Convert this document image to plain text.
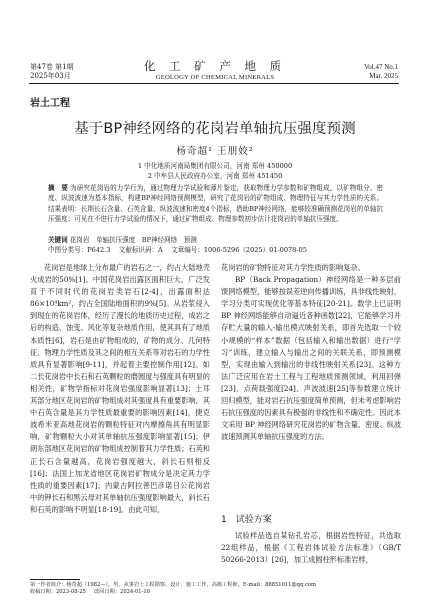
第47卷 第1期
2025年03月
化 工 矿 产 地 质
GEOLOGY OF CHEMICAL MINERALS
Vol.47 No.1
Mar. 2025
岩土工程
基于BP神经网络的花岗岩单轴抗压强度预测
杨奇超¹ 王朋姣²
1 中化地质河南局集团有限公司，河南 郑州 450000
2 中牟县人民政府办公室，河南 郑州 451450
摘　要 为研究花岗岩的力学行为，通过物理力学试验和薄片鉴定，获取物理力学参数和矿物组成，以矿物组分、密度、纵波波速为基本指标，构建BP神经网络预测模型，研究了花岗岩的矿物组成、物理特征与其力学性质的关系。结果表明：长荆长石含量、石英含量、纵波波速和密度4个指标，借助BP神经网络，能够较准确预测花岗岩的单轴抗压强度；可见在不进行力学试验的情况下，通过矿物组成、物理参数初步估计花岗岩的单轴抗压强度。
关键词 花岗岩　单轴抗压强度　BP神经网络　预测
中图分类号：P642.3 文献标识码：A 文章编号：1006-5296（2025）01-0078-05

花岗岩是地球上分布最广的岩石之一，约占大陆地壳火成岩的50%[1]。中国花岗岩出露区面积巨大，广泛发育于不同时代的花岗岩类岩石[2-4]，出露面积达86×10⁴km²，约占全国陆地面积的9%[5]。从岩浆侵入到现在的花岗岩体，经历了漫长的地质历史过程，成岩之后的构造、蚀变、风化等复杂地质作用，使其具有了地质本质性[6]，岩石是由矿物组成的，矿物的成分、几何特征、物理力学性质及其之间的相互关系等对岩石的力学性质具有显著影响[9-11]，并起着主要控制作用[12]。如二长花岗岩中长石和石英颗粒的磨圆度与强度具有明显的相关性，矿物学指标对花岗岩强度影响显著[13]；土耳其部分地区花岗岩的矿物组成对其强度具有重要影响，其中石英含量是其力学性质最重要的影响因素[14]，捷克波希米亚高地花岗岩的颗粒特征对内摩擦角具有明显影响，矿物颗粒大小对其单轴抗压强度影响显著[15]；伊朗东部地区花岗岩的矿物组成控制着其力学性质；石英和正长石含量越高，花岗岩强度越大，斜长石则相反[16]；法国上加龙省地区花岗岩矿物成分是决定其力学性质的重要因素[17]；内蒙古阿拉善巴彦诺日公花岗岩中的钾长石和黑云母对其单轴抗压强度影响最大，斜长石和石英的影响不明显[18-19]。由此可知，

花岗岩的矿物特征对其力学性质的影响复杂。

BP（Back Propagation）神经网络是一种多层前馈网络模型，能够按误差逆向传播训练，具非线性映射、学习分类可实现优化等基本特征[20-21]。数学上已证明 BP 神经网络能够自动逼近各种函数[22]，它能够学习并存贮大量的输入-输出模式映射关系，即首先选取一个较小规模的“样本”数据（包括输入和输出数据）进行“学习”训练，建立输入与输出之间的关联关系，即预测模型，实现由输入到输出的非线性映射关系[23]。这种方法广泛应用在岩土工程与工程地质预测领域，利用回弹[23]、点荷载强度[24]、声波波速[25]等参数建立统计回归模型，能对岩石抗压强度简单预测，但未考虑影响岩石抗压强度的因素具有极强的非线性和不确定性。因此本文采用 BP 神经网络研究花岗岩的矿物含量、密度、纵波波速预测其单轴抗压强度的方法。

1　试验方案

试验样品选自某钻孔岩芯，根据岩性特征，共选取22组样品，根据《工程岩体试验方法标准》（GB/T 50266-2013）[26]，加工成圆柱形标准岩样，

第一作者简介：杨奇超（1982—），男，从事岩土工程勘察、设计、施工工作，高级工程师。E-mail：88851011@qq.com
收稿日期：2023-08-25 改回日期：2024-01-10
